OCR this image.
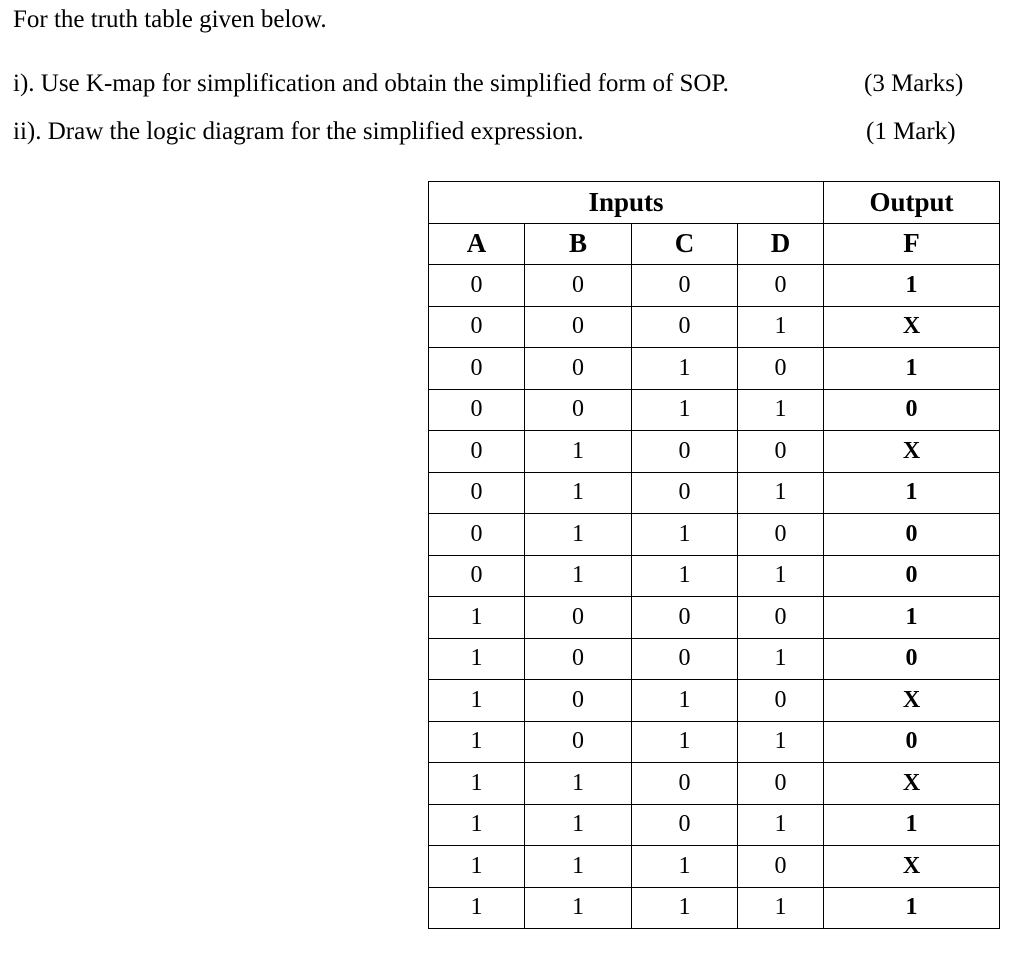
For the truth table given below.
i). Use K-map for simplification and obtain the simplified form of SOP.	(3 Marks)
ii). Draw the logic diagram for the simplified expression.	(1 Mark)
Inputs				Output
A	B	C	D	F
0	0	0	0	1
0	0	0	1	X
0	0	1	0	1
0	0	1	1	0
0	1	0	0	X
0	1	0	1	1
0	1	1	0	0
0	1	1	1	0
1	0	0	0	1
1	0	0	1	0
1	0	1	0	X
1	0	1	1	0
1	1	0	0	X
1	1	0	1	1
1	1	1	0	X
1	1	1	1	1
